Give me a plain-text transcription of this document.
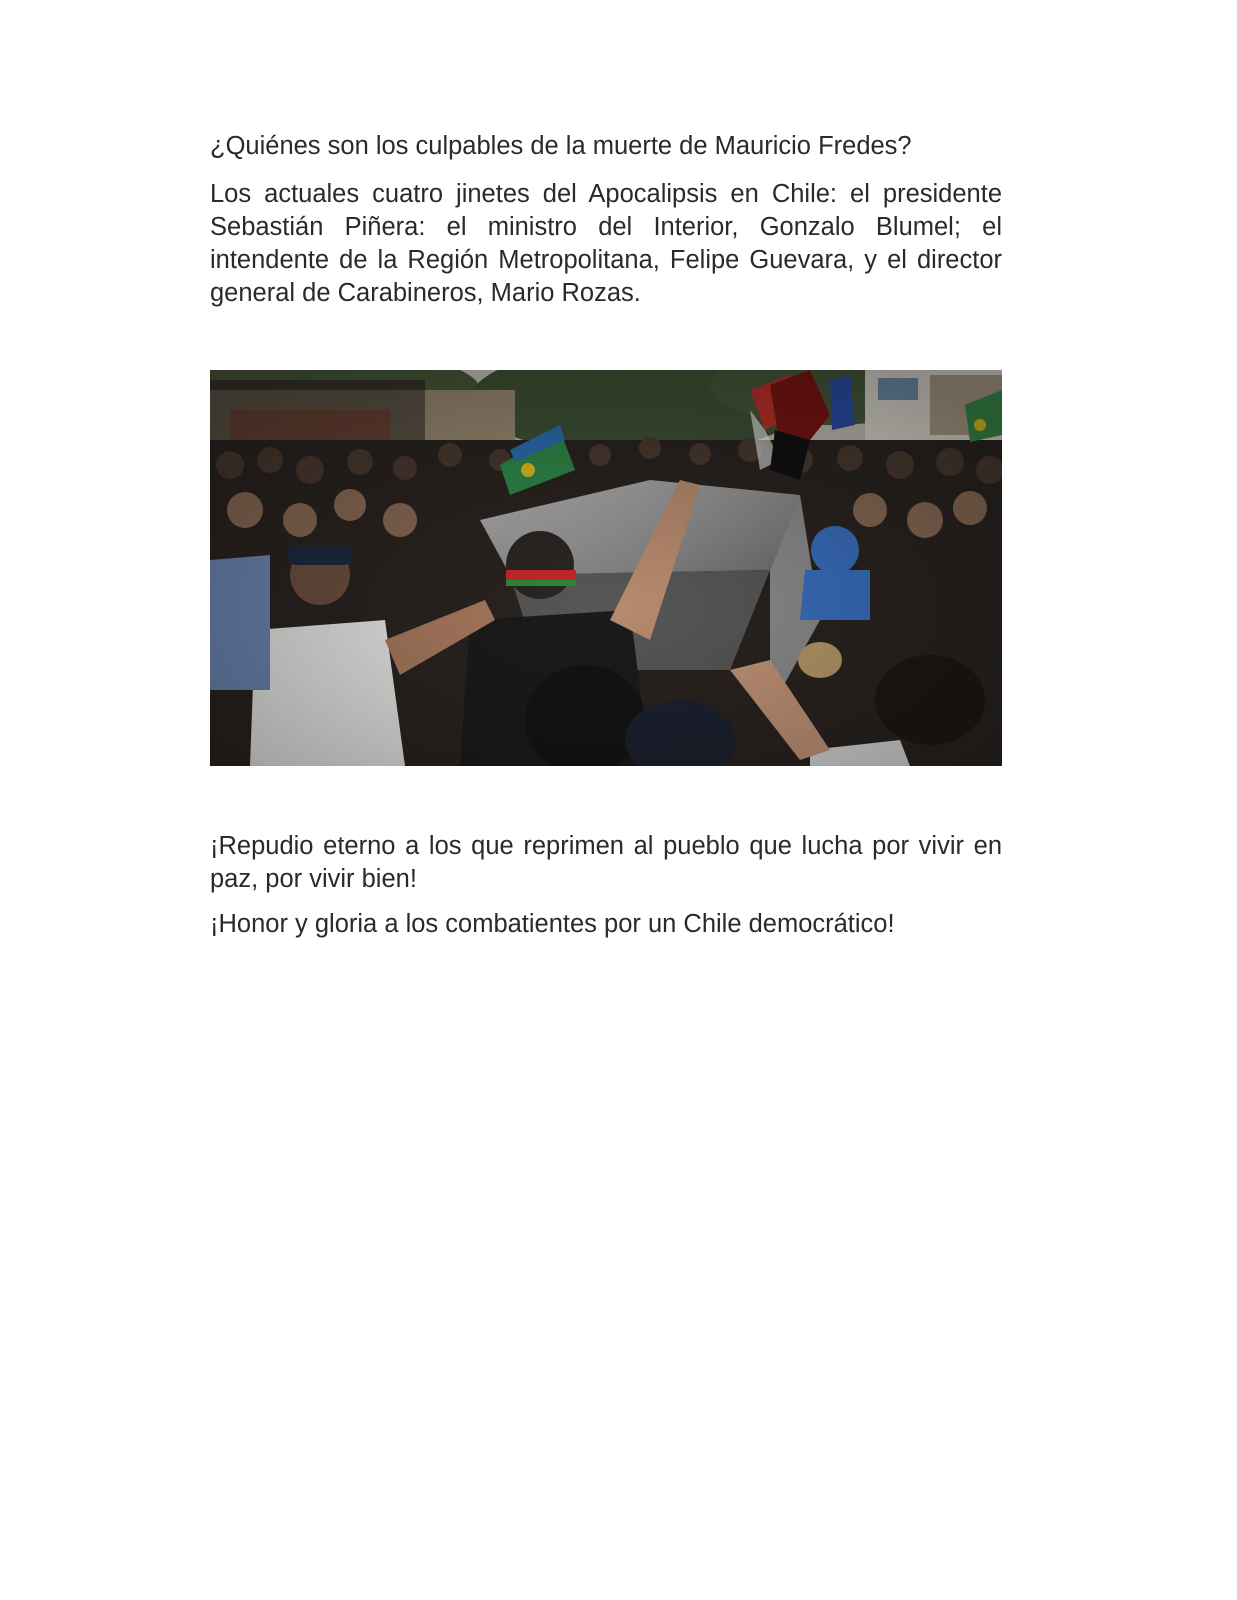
¿Quiénes son los culpables de la muerte de Mauricio Fredes?

Los actuales cuatro jinetes del Apocalipsis en Chile: el presidente Sebastián Piñera: el ministro del Interior, Gonzalo Blumel; el intendente de la Región Metropolitana, Felipe Guevara, y el director general de Carabineros, Mario Rozas.

¡Repudio eterno a los que reprimen al pueblo que lucha por vivir en paz, por vivir bien!

¡Honor y gloria a los combatientes por un Chile democrático!
